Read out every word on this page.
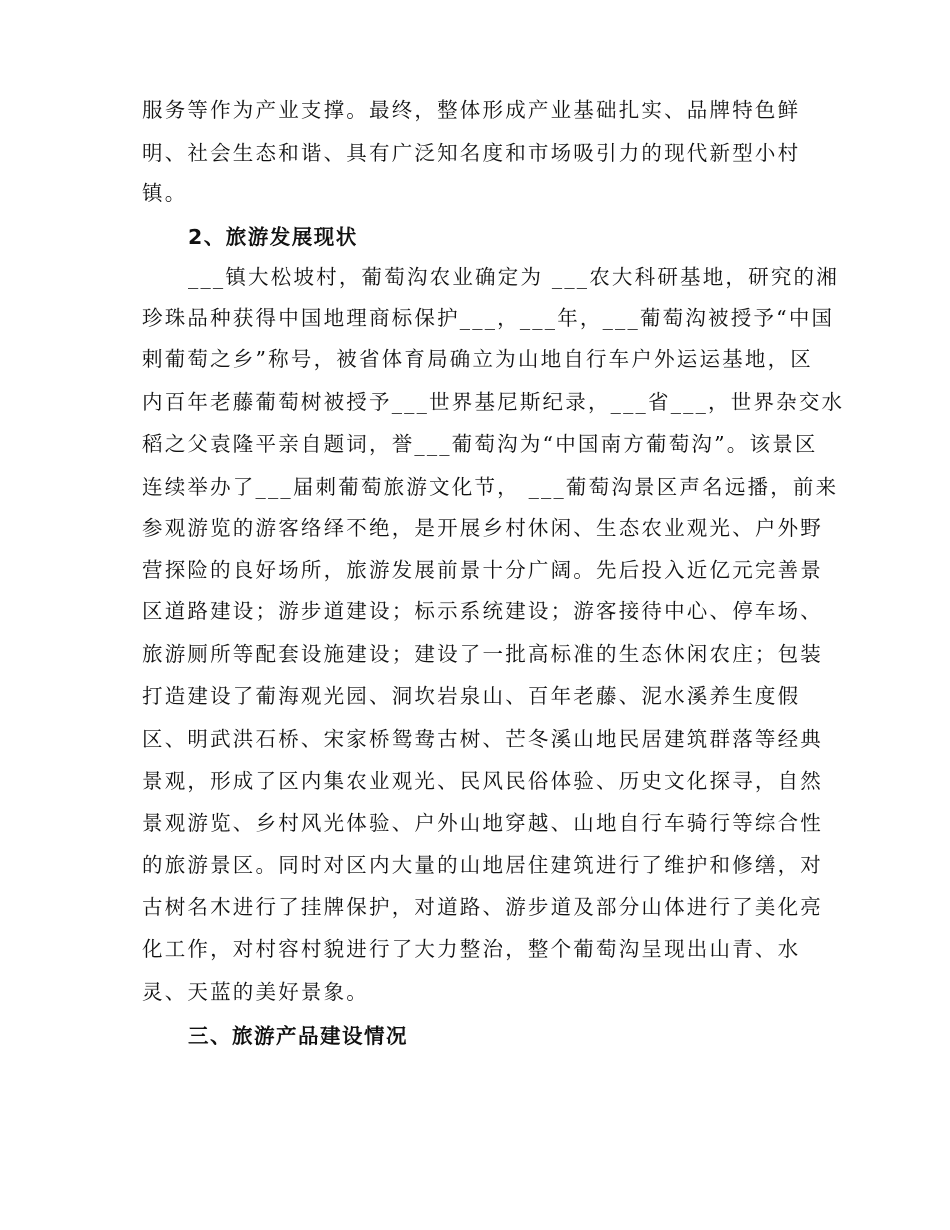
服务等作为产业支撑。最终，整体形成产业基础扎实、品牌特色鲜
明、社会生态和谐、具有广泛知名度和市场吸引力的现代新型小村
镇。
2、旅游发展现状
___镇大松坡村，葡萄沟农业确定为 ___农大科研基地，研究的湘
珍珠品种获得中国地理商标保护___，___年，___葡萄沟被授予“中国
剌葡萄之乡”称号，被省体育局确立为山地自行车户外运运基地，区
内百年老藤葡萄树被授予___世界基尼斯纪录，___省___，世界杂交水
稻之父袁隆平亲自题词，誉___葡萄沟为“中国南方葡萄沟”。该景区
连续举办了___届刺葡萄旅游文化节， ___葡萄沟景区声名远播，前来
参观游览的游客络绎不绝，是开展乡村休闲、生态农业观光、户外野
营探险的良好场所，旅游发展前景十分广阔。先后投入近亿元完善景
区道路建设；游步道建设；标示系统建设；游客接待中心、停车场、
旅游厕所等配套设施建设；建设了一批高标准的生态休闲农庄；包装
打造建设了葡海观光园、洞坎岩泉山、百年老藤、泥水溪养生度假
区、明武洪石桥、宋家桥鸳鸯古树、芒冬溪山地民居建筑群落等经典
景观，形成了区内集农业观光、民风民俗体验、历史文化探寻，自然
景观游览、乡村风光体验、户外山地穿越、山地自行车骑行等综合性
的旅游景区。同时对区内大量的山地居住建筑进行了维护和修缮，对
古树名木进行了挂牌保护，对道路、游步道及部分山体进行了美化亮
化工作，对村容村貌进行了大力整治，整个葡萄沟呈现出山青、水
灵、天蓝的美好景象。
三、旅游产品建设情况
